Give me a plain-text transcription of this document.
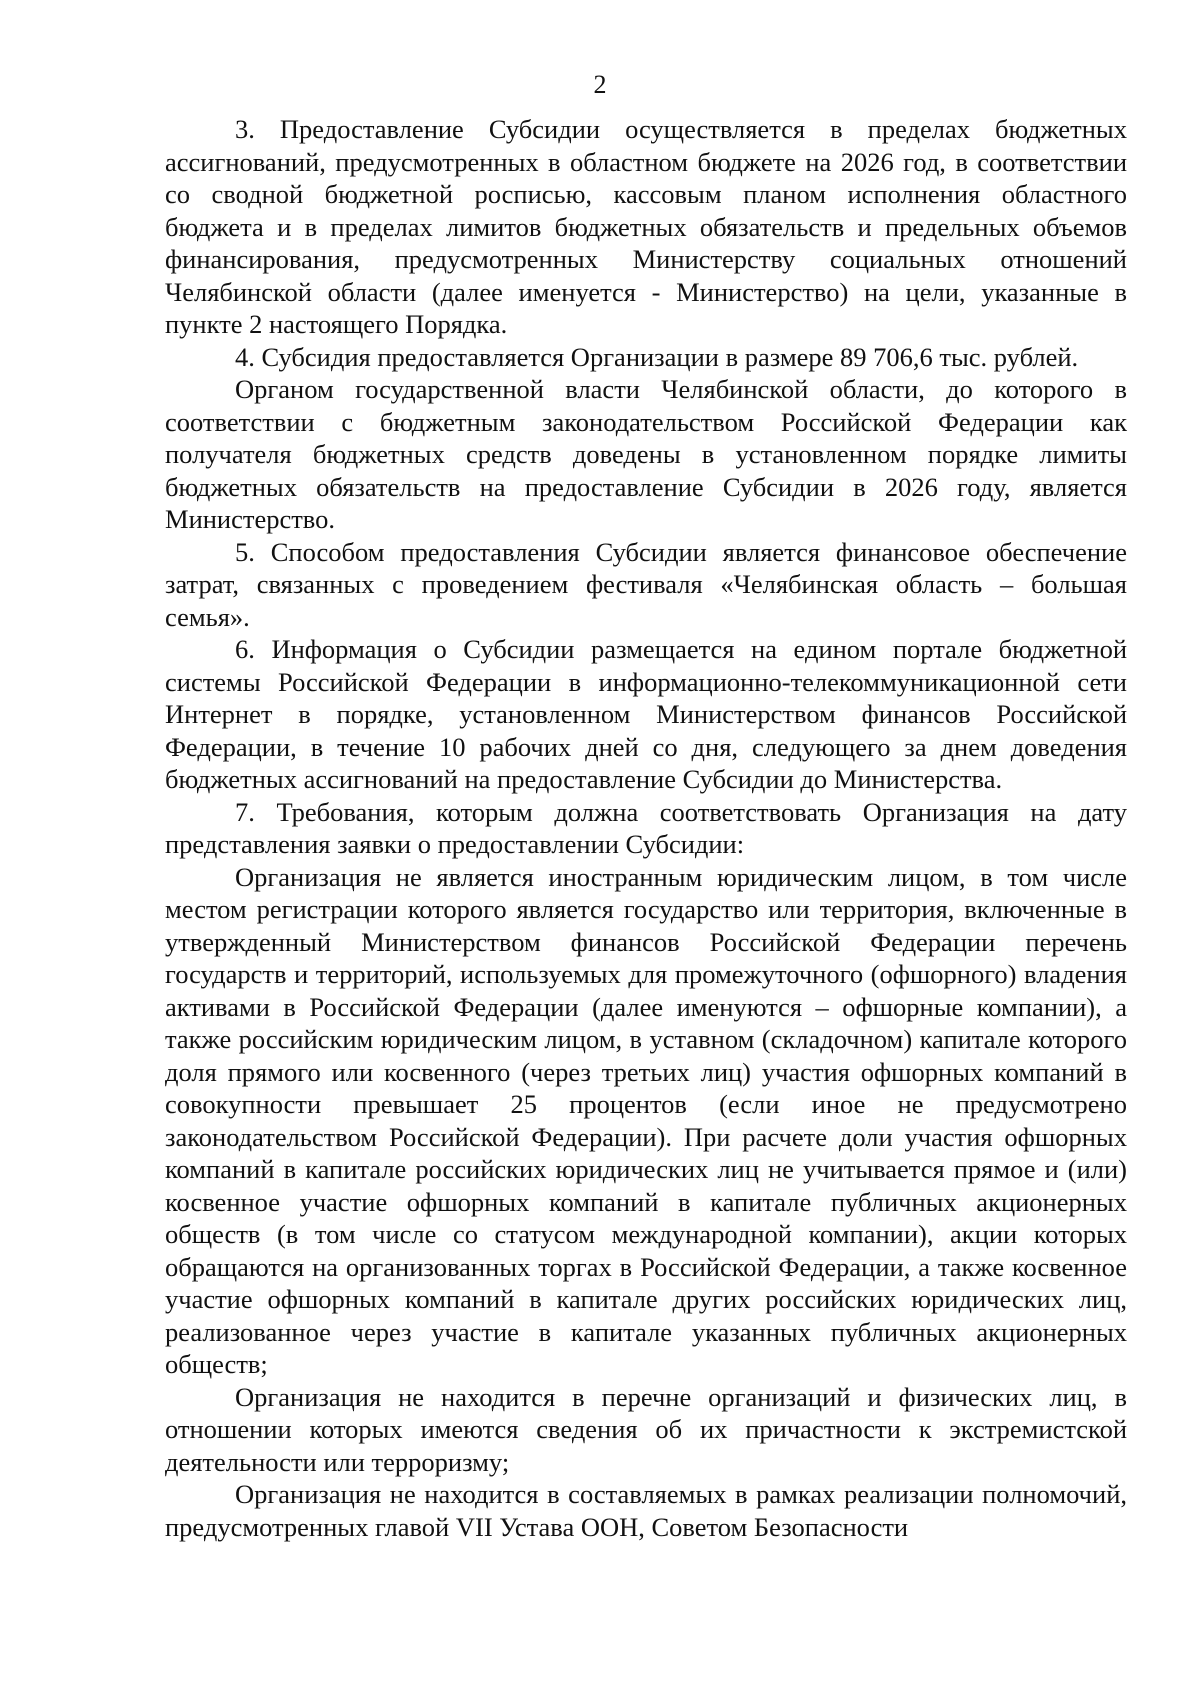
2

3. Предоставление Субсидии осуществляется в пределах бюджетных ассигнований, предусмотренных в областном бюджете на 2026 год, в соответствии со сводной бюджетной росписью, кассовым планом исполнения областного бюджета и в пределах лимитов бюджетных обязательств и предельных объемов финансирования, предусмотренных Министерству социальных отношений Челябинской области (далее именуется - Министерство) на цели, указанные в пункте 2 настоящего Порядка.

4. Субсидия предоставляется Организации в размере 89 706,6 тыс. рублей.

Органом государственной власти Челябинской области, до которого в соответствии с бюджетным законодательством Российской Федерации как получателя бюджетных средств доведены в установленном порядке лимиты бюджетных обязательств на предоставление Субсидии в 2026 году, является Министерство.

5. Способом предоставления Субсидии является финансовое обеспечение затрат, связанных с проведением фестиваля «Челябинская область – большая семья».

6. Информация о Субсидии размещается на едином портале бюджетной системы Российской Федерации в информационно-телекоммуникационной сети Интернет в порядке, установленном Министерством финансов Российской Федерации, в течение 10 рабочих дней со дня, следующего за днем доведения бюджетных ассигнований на предоставление Субсидии до Министерства.

7. Требования, которым должна соответствовать Организация на дату представления заявки о предоставлении Субсидии:

Организация не является иностранным юридическим лицом, в том числе местом регистрации которого является государство или территория, включенные в утвержденный Министерством финансов Российской Федерации перечень государств и территорий, используемых для промежуточного (офшорного) владения активами в Российской Федерации (далее именуются – офшорные компании), а также российским юридическим лицом, в уставном (складочном) капитале которого доля прямого или косвенного (через третьих лиц) участия офшорных компаний в совокупности превышает 25 процентов (если иное не предусмотрено законодательством Российской Федерации). При расчете доли участия офшорных компаний в капитале российских юридических лиц не учитывается прямое и (или) косвенное участие офшорных компаний в капитале публичных акционерных обществ (в том числе со статусом международной компании), акции которых обращаются на организованных торгах в Российской Федерации, а также косвенное участие офшорных компаний в капитале других российских юридических лиц, реализованное через участие в капитале указанных публичных акционерных обществ;

Организация не находится в перечне организаций и физических лиц, в отношении которых имеются сведения об их причастности к экстремистской деятельности или терроризму;

Организация не находится в составляемых в рамках реализации полномочий, предусмотренных главой VII Устава ООН, Советом Безопасности
